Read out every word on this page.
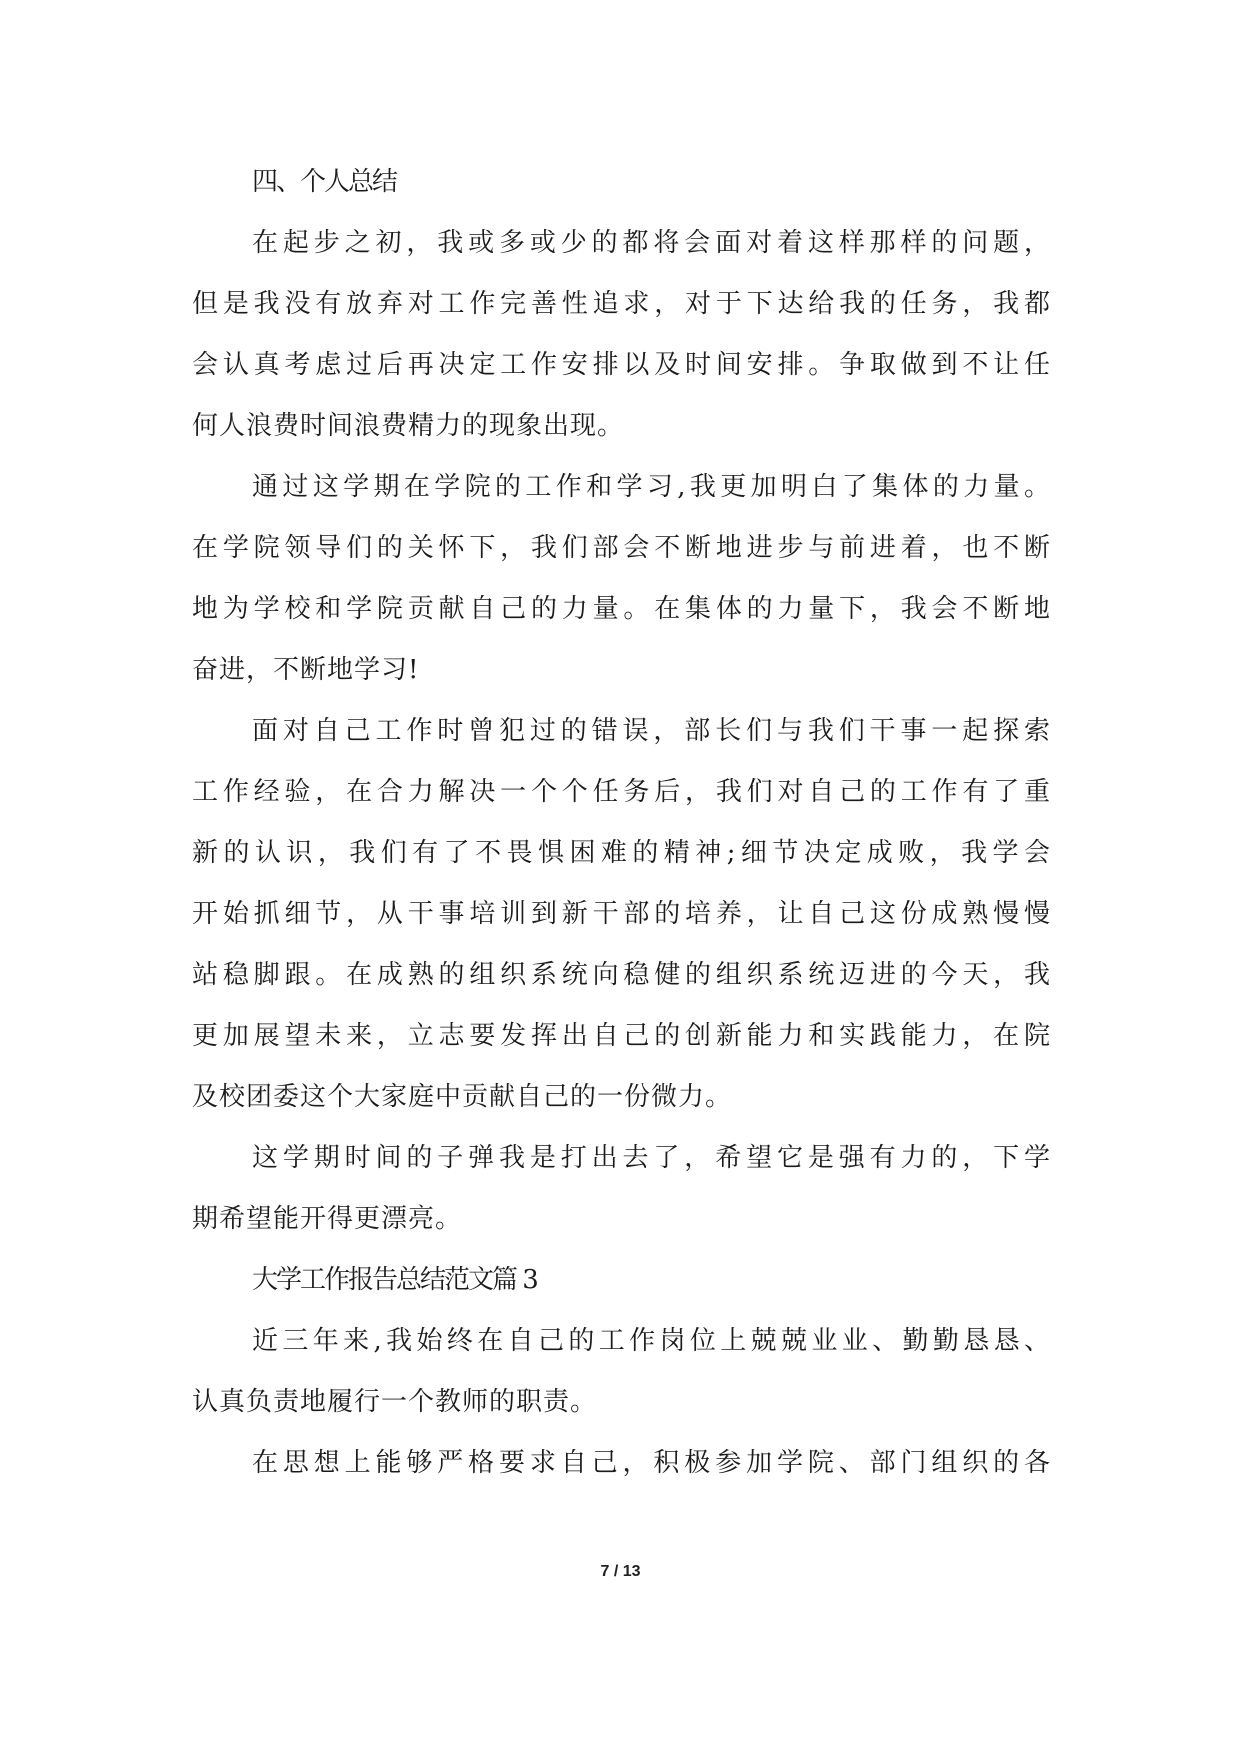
四、个人总结
在起步之初，我或多或少的都将会面对着这样那样的问题，
但是我没有放弃对工作完善性追求，对于下达给我的任务，我都
会认真考虑过后再决定工作安排以及时间安排。争取做到不让任
何人浪费时间浪费精力的现象出现。
通过这学期在学院的工作和学习,我更加明白了集体的力量。
在学院领导们的关怀下，我们部会不断地进步与前进着，也不断
地为学校和学院贡献自己的力量。在集体的力量下，我会不断地
奋进，不断地学习!
面对自己工作时曾犯过的错误，部长们与我们干事一起探索
工作经验，在合力解决一个个任务后，我们对自己的工作有了重
新的认识，我们有了不畏惧困难的精神;细节决定成败，我学会
开始抓细节，从干事培训到新干部的培养，让自己这份成熟慢慢
站稳脚跟。在成熟的组织系统向稳健的组织系统迈进的今天，我
更加展望未来，立志要发挥出自己的创新能力和实践能力，在院
及校团委这个大家庭中贡献自己的一份微力。
这学期时间的子弹我是打出去了，希望它是强有力的，下学
期希望能开得更漂亮。
大学工作报告总结范文篇 3
近三年来,我始终在自己的工作岗位上兢兢业业、勤勤恳恳、
认真负责地履行一个教师的职责。
在思想上能够严格要求自己，积极参加学院、部门组织的各
7 / 13
